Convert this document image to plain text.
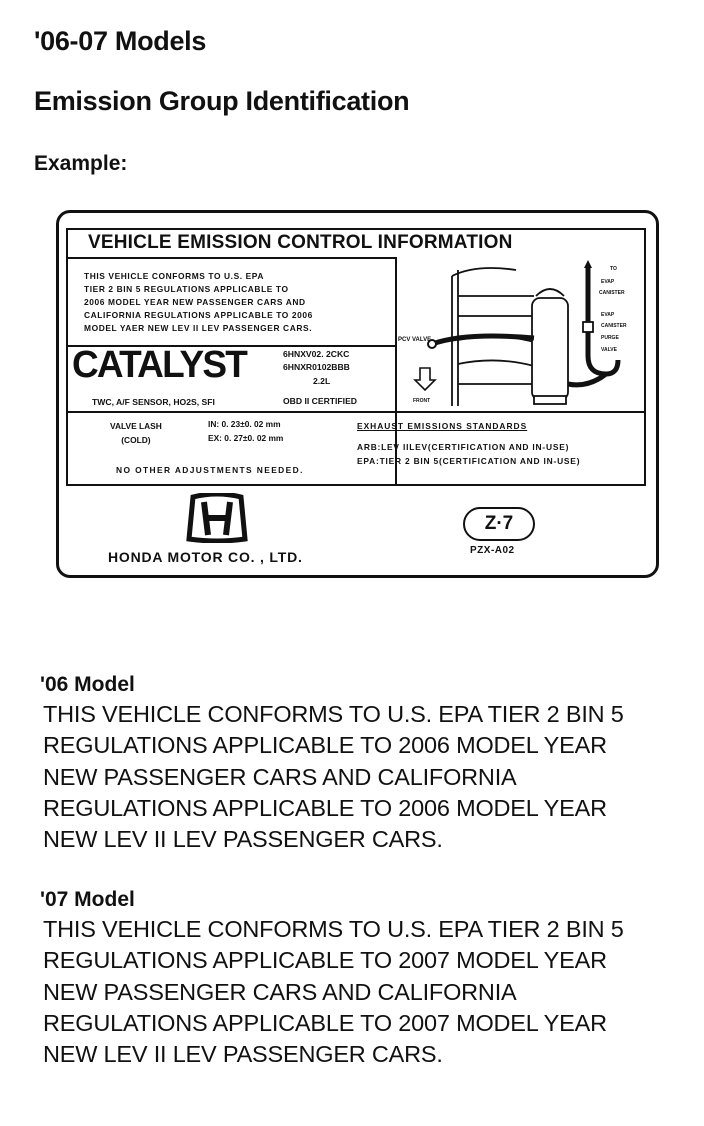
'06-07 Models
Emission Group Identification
Example:
VEHICLE EMISSION CONTROL INFORMATION
THIS VEHICLE CONFORMS TO U.S. EPA
TIER 2 BIN 5 REGULATIONS APPLICABLE TO
2006 MODEL YEAR NEW PASSENGER CARS AND
CALIFORNIA REGULATIONS APPLICABLE TO 2006
MODEL YAER NEW LEV II LEV PASSENGER CARS.
CATALYST	6HNXV02. 2CKC
6HNXR0102BBB
2.2L
TWC, A/F SENSOR, HO2S, SFI	OBD II CERTIFIED
VALVE LASH
(COLD)
IN: 0. 23±0. 02 mm
EX: 0. 27±0. 02 mm
NO OTHER ADJUSTMENTS NEEDED.
EXHAUST EMISSIONS STANDARDS
ARB:LEV IILEV(CERTIFICATION AND IN-USE)
EPA:TIER 2 BIN 5(CERTIFICATION AND IN-USE)
PCV VALVE
FRONT
TO
EVAP
CANISTER
EVAP
CANISTER
PURGE
VALVE
HONDA MOTOR CO. , LTD.
Z·7
PZX-A02
'06 Model
THIS VEHICLE CONFORMS TO U.S. EPA TIER 2 BIN 5
REGULATIONS APPLICABLE TO 2006 MODEL YEAR
NEW PASSENGER CARS AND CALIFORNIA
REGULATIONS APPLICABLE TO 2006 MODEL YEAR
NEW LEV II LEV PASSENGER CARS.
'07 Model
THIS VEHICLE CONFORMS TO U.S. EPA TIER 2 BIN 5
REGULATIONS APPLICABLE TO 2007 MODEL YEAR
NEW PASSENGER CARS AND CALIFORNIA
REGULATIONS APPLICABLE TO 2007 MODEL YEAR
NEW LEV II LEV PASSENGER CARS.
